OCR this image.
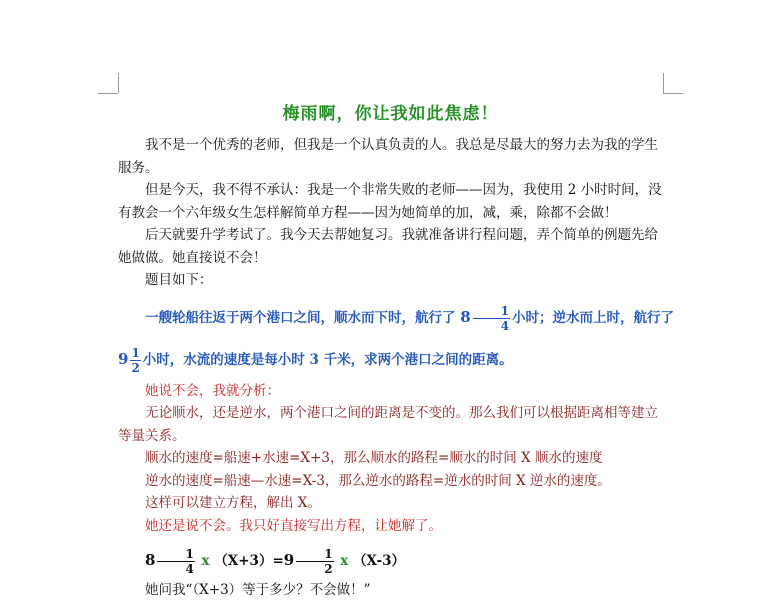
梅雨啊，你让我如此焦虑！

我不是一个优秀的老师，但我是一个认真负责的人。我总是尽最大的努力去为我的学生服务。

但是今天，我不得不承认：我是一个非常失败的老师——因为，我使用 2 小时时间，没有教会一个六年级女生怎样解简单方程——因为她简单的加，减，乘，除都不会做！

后天就要升学考试了。我今天去帮她复习。我就准备讲行程问题，弄个简单的例题先给她做做。她直接说不会！

题目如下：

一艘轮船往返于两个港口之间，顺水而下时，航行了 $8 \frac{1}{4}$ 小时；逆水而上时，航行了
$9 \frac{1}{2}$ 小时，水流的速度是每小时 3 千米，求两个港口之间的距离。

她说不会，我就分析：

无论顺水，还是逆水，两个港口之间的距离是不变的。那么我们可以根据距离相等建立等量关系。

顺水的速度=船速+水速=X+3，那么顺水的路程=顺水的时间 X 顺水的速度

逆水的速度=船速—水速=X-3，那么逆水的路程=逆水的时间 X 逆水的速度。

这样可以建立方程，解出 X。

她还是说不会。我只好直接写出方程，让她解了。

$8 \frac{1}{4}$ x $(X+3)=9 \frac{1}{2}$ x （X-3）

她问我“（X+3）等于多少？不会做！”
